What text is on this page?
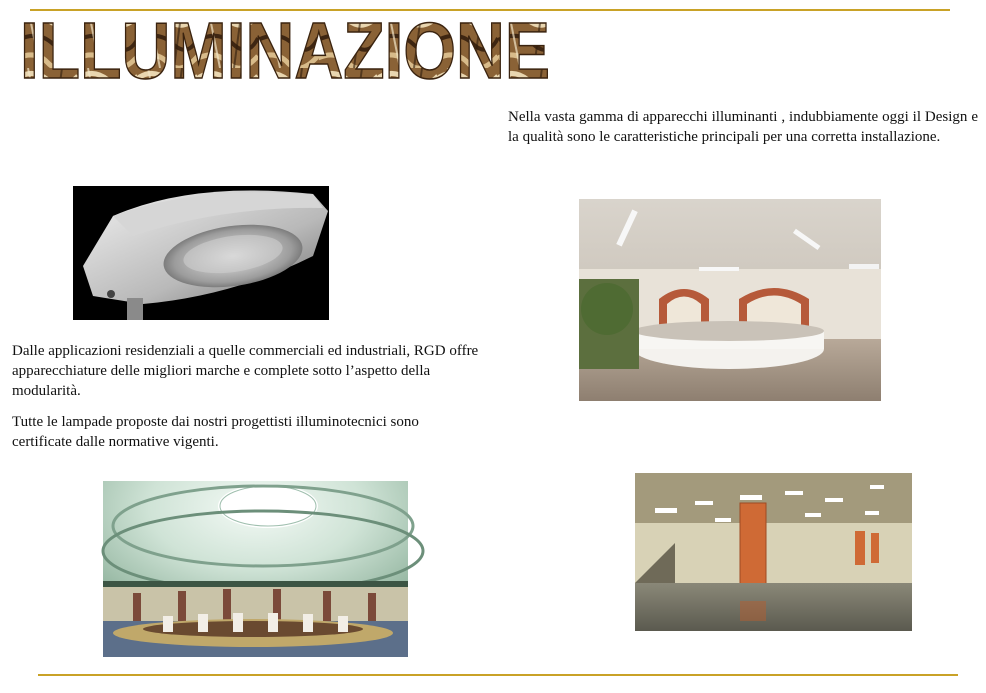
ILLUMINAZIONE

Nella vasta gamma di apparecchi illuminanti , indubbiamente oggi il Design e la qualità sono le caratteristiche principali per una corretta installazione.

Dalle applicazioni residenziali a quelle commerciali ed industriali, RGD offre apparecchiature delle migliori marche e complete sotto l’aspetto della modularità.

Tutte le lampade proposte dai nostri progettisti illuminotecnici sono certificate dalle normative vigenti.
